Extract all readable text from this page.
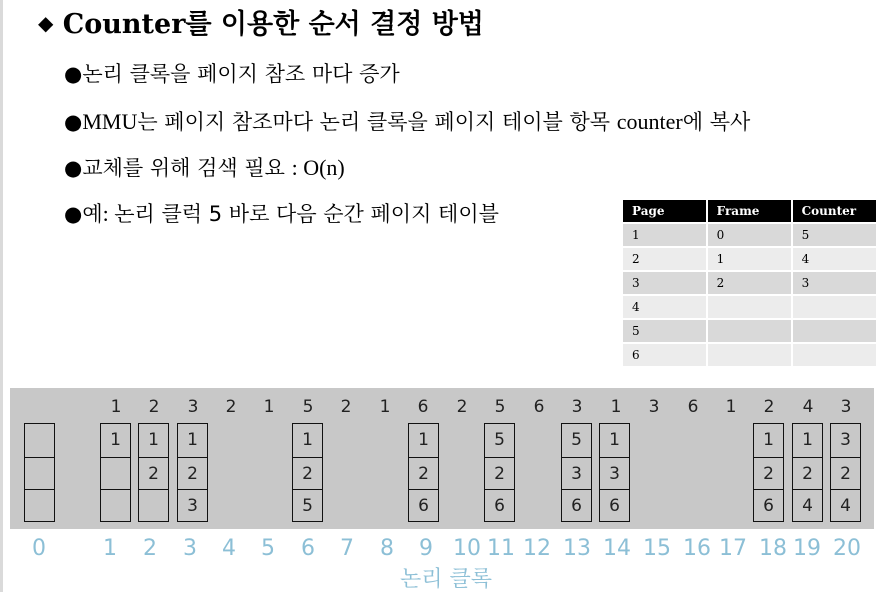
◆ Counter를 이용한 순서 결정 방법
●논리 클록을 페이지 참조 마다 증가
●MMU는 페이지 참조마다 논리 클록을 페이지 테이블 항목 counter에 복사
●교체를 위해 검색 필요 : O(n)
●예: 논리 클럭 5 바로 다음 순간 페이지 테이블	Page	Frame	Counter
1	0	5
2	1	4
3	2	3
4		
5		
6		
1	2	3	2	1	5	2	1	6	2	5	6	3	1	3	6	1	2	4	3
1	1
2
1
2
3
1
2
5
1
2
6
5
2
6
5
3
6
1
3
6
1
2
6
1
2
4
3
2
4
0	1	2	3	4	5	6	7	8	9 10 11 12 13 14 15 16 17 18 19 20
논리 클록
